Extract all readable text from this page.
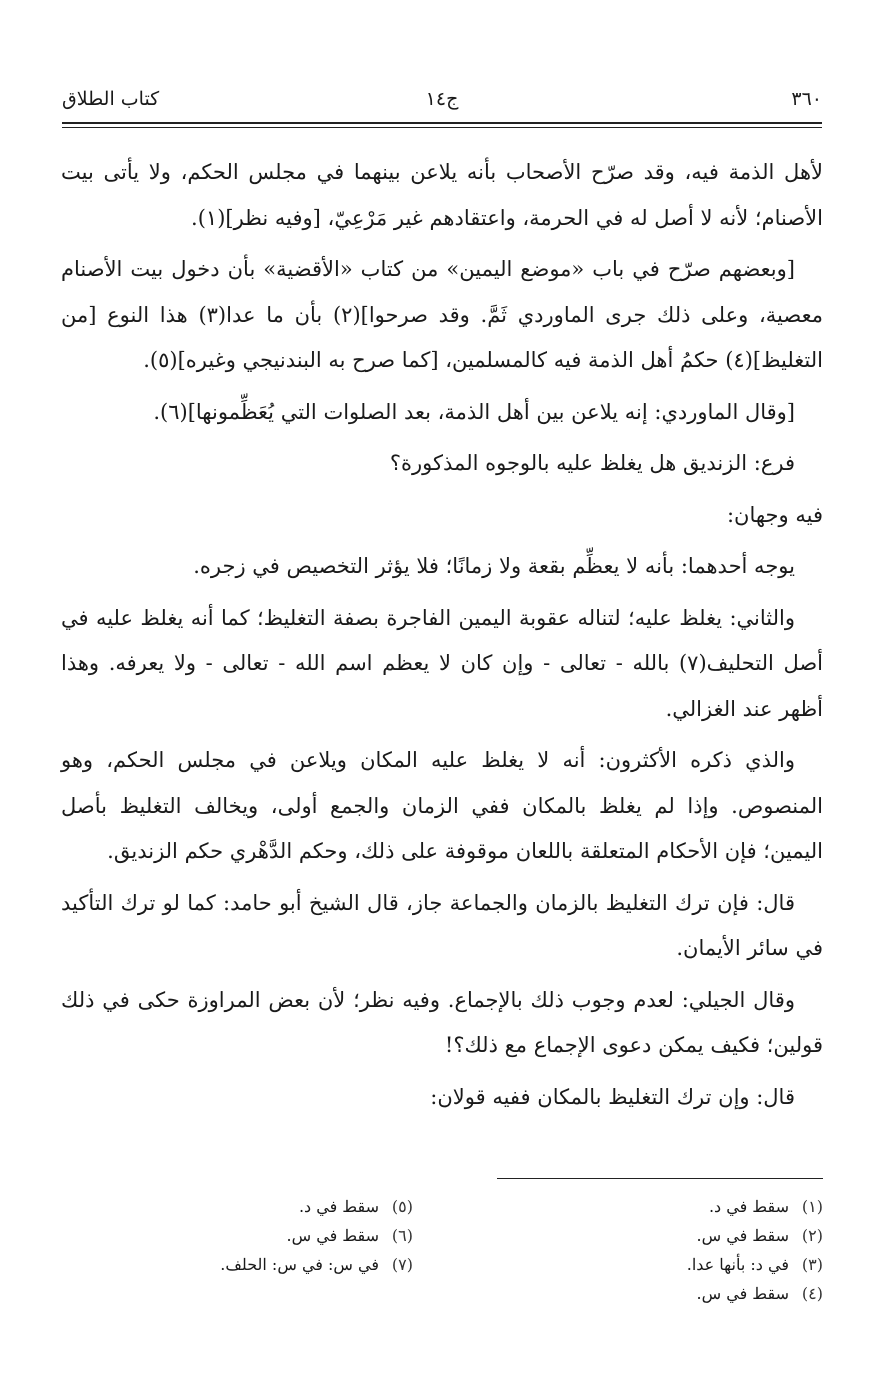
٣٦٠
ج١٤
كتاب الطلاق

لأهل الذمة فيه، وقد صرّح الأصحاب بأنه يلاعن بينهما في مجلس الحكم، ولا يأتى بيت الأصنام؛ لأنه لا أصل له في الحرمة، واعتقادهم غير مَرْعِيّ، [وفيه نظر](١).

[وبعضهم صرّح في باب «موضع اليمين» من كتاب «الأقضية» بأن دخول بيت الأصنام معصية، وعلى ذلك جرى الماوردي ثَمَّ. وقد صرحوا](٢) بأن ما عدا(٣) هذا النوع [من التغليظ](٤) حكمُ أهل الذمة فيه كالمسلمين، [كما صرح به البندنيجي وغيره](٥).

[وقال الماوردي: إنه يلاعن بين أهل الذمة، بعد الصلوات التي يُعَظِّمونها](٦).

فرع: الزنديق هل يغلظ عليه بالوجوه المذكورة؟

فيه وجهان:

يوجه أحدهما: بأنه لا يعظِّم بقعة ولا زمانًا؛ فلا يؤثر التخصيص في زجره.

والثاني: يغلظ عليه؛ لتناله عقوبة اليمين الفاجرة بصفة التغليظ؛ كما أنه يغلظ عليه في أصل التحليف(٧) بالله - تعالى - وإن كان لا يعظم اسم الله - تعالى - ولا يعرفه. وهذا أظهر عند الغزالي.

والذي ذكره الأكثرون: أنه لا يغلظ عليه المكان ويلاعن في مجلس الحكم، وهو المنصوص. وإذا لم يغلظ بالمكان ففي الزمان والجمع أولى، ويخالف التغليظ بأصل اليمين؛ فإن الأحكام المتعلقة باللعان موقوفة على ذلك، وحكم الدَّهْري حكم الزنديق.

قال: فإن ترك التغليظ بالزمان والجماعة جاز، قال الشيخ أبو حامد: كما لو ترك التأكيد في سائر الأيمان.

وقال الجيلي: لعدم وجوب ذلك بالإجماع. وفيه نظر؛ لأن بعض المراوزة حكى في ذلك قولين؛ فكيف يمكن دعوى الإجماع مع ذلك؟!

قال: وإن ترك التغليظ بالمكان ففيه قولان:

(١)سقط في د.
(٢)سقط في س.
(٣)في د: بأنها عدا.
(٤)سقط في س.
(٥)سقط في د.
(٦)سقط في س.
(٧)في س: في س: الحلف.
